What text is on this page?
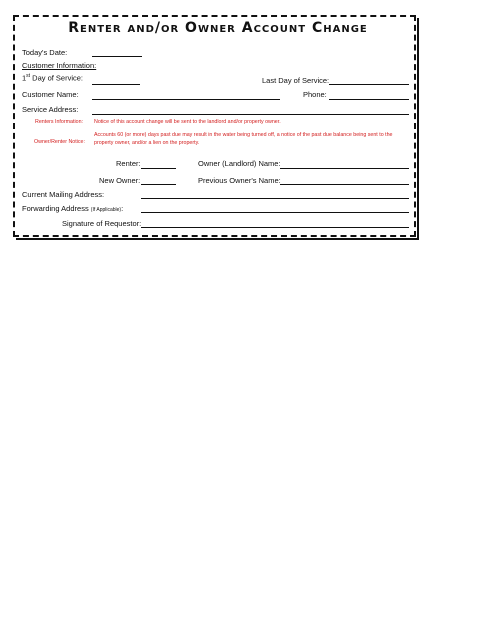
Renter and/or Owner Account Change
Today's Date:
Customer Information:
1st Day of Service:	Last Day of Service:
Customer Name:	Phone:
Service Address:
Renters Information: Notice of this account change will be sent to the landlord and/or property owner.
Owner/Renter Notice:
Accounts 60 (or more) days past due may result in the water being turned off, a notice of the past due balance being sent to the property owner, and/or a lien on the property.
Renter:	Owner (Landlord) Name:
New Owner:	Previous Owner's Name:
Current Mailing Address:
Forwarding Address (If Applicable):
Signature of Requestor:
